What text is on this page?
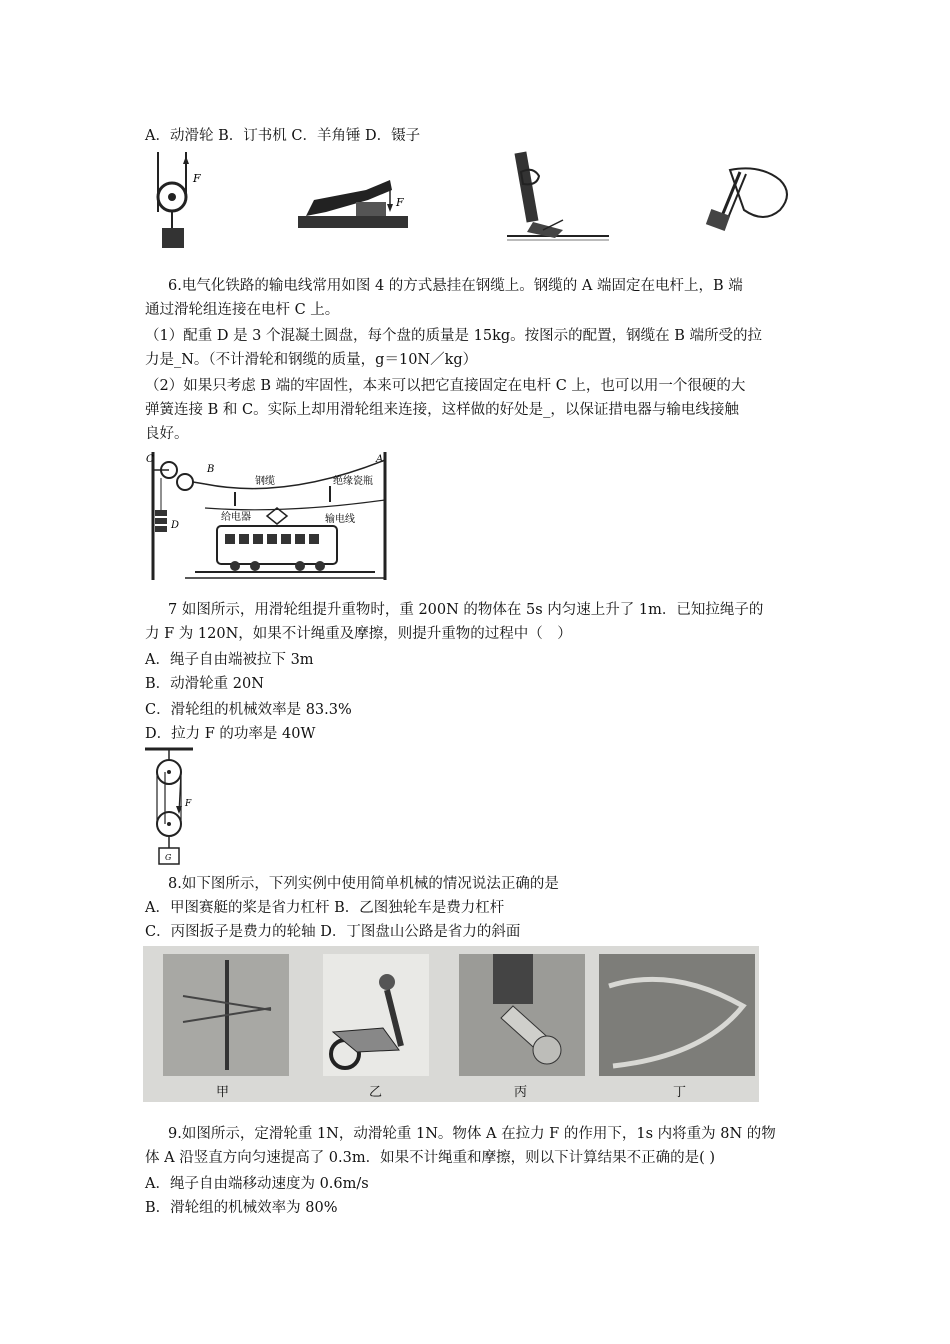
A．动滑轮 B．订书机 C．羊角锤 D．镊子
F
F
6.电气化铁路的输电线常用如图 4 的方式悬挂在钢缆上。钢缆的 A 端固定在电杆上，B 端
通过滑轮组连接在电杆 C 上。
（1）配重 D 是 3 个混凝土圆盘，每个盘的质量是 15kg。按图示的配置，钢缆在 B 端所受的拉
力是_N。（不计滑轮和钢缆的质量，g＝10N／kg）
（2）如果只考虑 B 端的牢固性，本来可以把它直接固定在电杆 C 上，也可以用一个很硬的大
弹簧连接 B 和 C。实际上却用滑轮组来连接，这样做的好处是_，以保证措电器与输电线接触
良好。
C	A
B
D
钢缆	绝缘瓷瓶
给电器	输电线
7 如图所示，用滑轮组提升重物时，重 200N 的物体在 5s 内匀速上升了 1m．已知拉绳子的
力 F 为 120N，如果不计绳重及摩擦，则提升重物的过程中（　）
A．绳子自由端被拉下 3m
B．动滑轮重 20N
C．滑轮组的机械效率是 83.3%
D．拉力 F 的功率是 40W
F
G
8.如下图所示，下列实例中使用简单机械的情况说法正确的是
A．甲图赛艇的桨是省力杠杆 B．乙图独轮车是费力杠杆
C．丙图扳子是费力的轮轴 D．丁图盘山公路是省力的斜面
甲	乙	丙	丁
9.如图所示，定滑轮重 1N，动滑轮重 1N。物体 A 在拉力 F 的作用下，1s 内将重为 8N 的物
体 A 沿竖直方向匀速提高了 0.3m．如果不计绳重和摩擦，则以下计算结果不正确的是( )
A．绳子自由端移动速度为 0.6m/s
B．滑轮组的机械效率为 80%
